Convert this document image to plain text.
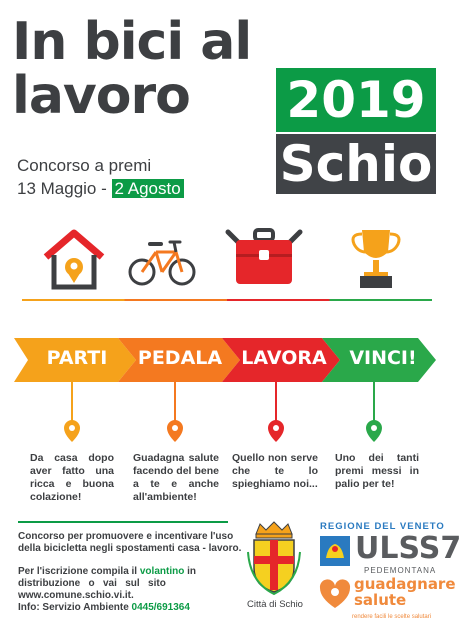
In bici al
lavoro 2019
Schio
Concorso a premi
13 Maggio - 2 Agosto
PARTI	PEDALA	LAVORA	VINCI!
Da casa dopo aver fatto una ricca e buona colazione!
Guadagna salute facendo del bene a te e anche all'ambiente!
Quello non serve che te lo spieghiamo noi...
Uno dei tanti premi messi in palio per te!
Concorso per promuovere e incentivare l'uso
della bicicletta negli spostamenti casa - lavoro.
Per l'iscrizione compila il volantino in
distribuzione   o   vai   sul   sito
www.comune.schio.vi.it.
Info: Servizio Ambiente 0445/691364	Città di Schio
REGIONE DEL VENETO
ULSS7
PEDEMONTANA
guadagnare
salute
rendere facili le scelte salutari
